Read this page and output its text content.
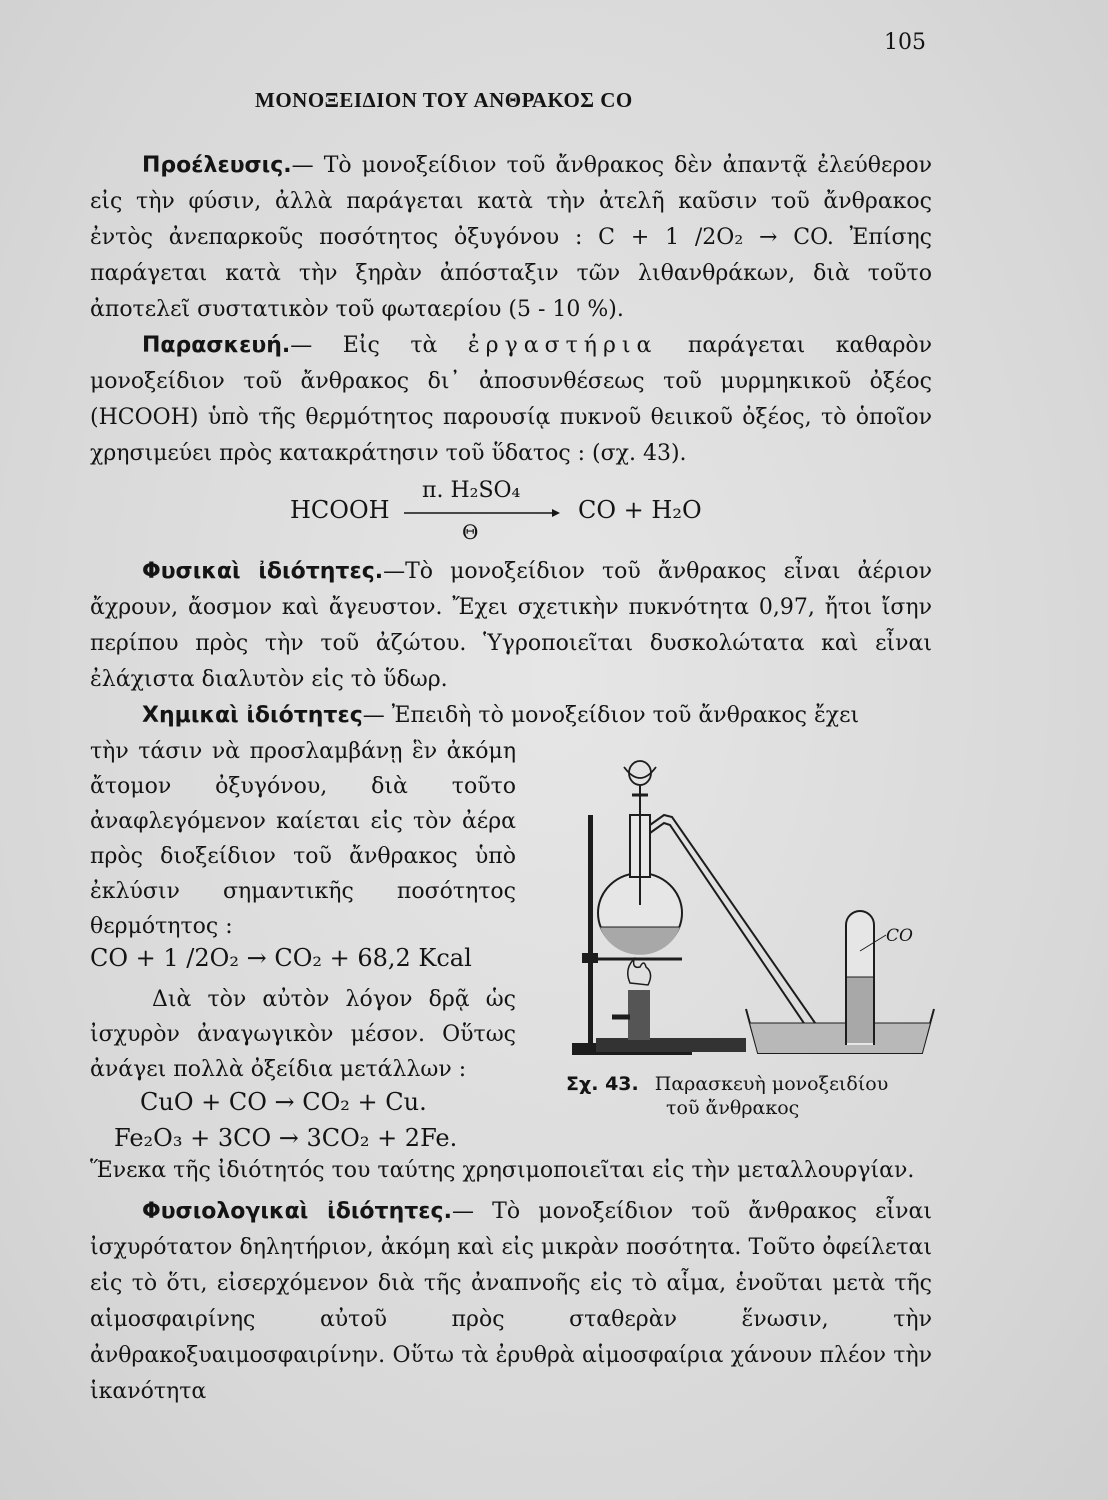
105
ΜΟΝΟΞΕΙΔΙΟΝ ΤΟΥ ΑΝΘΡΑΚΟΣ CO

Προέλευσις.— Τὸ μονοξείδιον τοῦ ἄνθρακος δὲν ἀπαντᾷ ἐλεύθερον εἰς τὴν φύσιν, ἀλλὰ παράγεται κατὰ τὴν ἀτελῆ καῦσιν τοῦ ἄνθρακος ἐντὸς ἀνεπαρκοῦς ποσότητος ὀξυγόνου : C + 1 /2O₂ → CO. Ἐπίσης παράγεται κατὰ τὴν ξηρὰν ἀπόσταξιν τῶν λιθανθράκων, διὰ τοῦτο ἀποτελεῖ συστατικὸν τοῦ φωταερίου (5 - 10 %).

Παρασκευή.— Εἰς τὰ ἐργαστήρια παράγεται καθαρὸν μονοξείδιον τοῦ ἄνθρακος δι᾽ ἀποσυνθέσεως τοῦ μυρμηκικοῦ ὀξέος (HCOOH) ὑπὸ τῆς θερμότητος παρουσίᾳ πυκνοῦ θειικοῦ ὀξέος, τὸ ὁποῖον χρησιμεύει πρὸς κατακράτησιν τοῦ ὕδατος : (σχ. 43).

HCOOH
π. H₂SO₄
Θ
CO + H₂O

Φυσικαὶ ἰδιότητες.—Τὸ μονοξείδιον τοῦ ἄνθρακος εἶναι ἀέριον ἄχρουν, ἄοσμον καὶ ἄγευστον. Ἔχει σχετικὴν πυκνότητα 0,97, ἤτοι ἴσην περίπου πρὸς τὴν τοῦ ἀζώτου. Ὑγροποιεῖται δυσκολώτατα καὶ εἶναι ἐλάχιστα διαλυτὸν εἰς τὸ ὕδωρ.

Χημικαὶ ἰδιότητες— Ἐπειδὴ τὸ μονοξείδιον τοῦ ἄνθρακος ἔχει

τὴν τάσιν νὰ προσλαμβάνῃ ἓν ἀκόμη ἄτομον ὀξυγόνου, διὰ τοῦτο ἀναφλεγόμενον καίεται εἰς τὸν ἀέρα πρὸς διοξείδιον τοῦ ἄνθρακος ὑπὸ ἐκλύσιν σημαντικῆς ποσότητος θερμότητος :

CO + 1 /2O₂ → CO₂ + 68,2 Kcal

Διὰ τὸν αὐτὸν λόγον δρᾷ ὡς ἰσχυρὸν ἀναγωγικὸν μέσον. Οὕτως ἀνάγει πολλὰ ὀξείδια μετάλλων :

CuO + CO → CO₂ + Cu.
Fe₂O₃ + 3CO → 3CO₂ + 2Fe.
Ἕνεκα τῆς ἰδιότητός του ταύτης χρησιμοποιεῖται εἰς τὴν μεταλλουργίαν.
CO
Σχ. 43. Παρασκευὴ μονοξειδίου
τοῦ ἄνθρακος

Φυσιολογικαὶ ἰδιότητες.— Τὸ μονοξείδιον τοῦ ἄνθρακος εἶναι ἰσχυρότατον δηλητήριον, ἀκόμη καὶ εἰς μικρὰν ποσότητα. Τοῦτο ὀφείλεται εἰς τὸ ὅτι, εἰσερχόμενον διὰ τῆς ἀναπνοῆς εἰς τὸ αἷμα, ἑνοῦται μετὰ τῆς αἱμοσφαιρίνης αὐτοῦ πρὸς σταθερὰν ἕνωσιν, τὴν ἀνθρακοξυαιμοσφαιρίνην. Οὕτω τὰ ἐρυθρὰ αἱμοσφαίρια χάνουν πλέον τὴν ἱκανότητα
